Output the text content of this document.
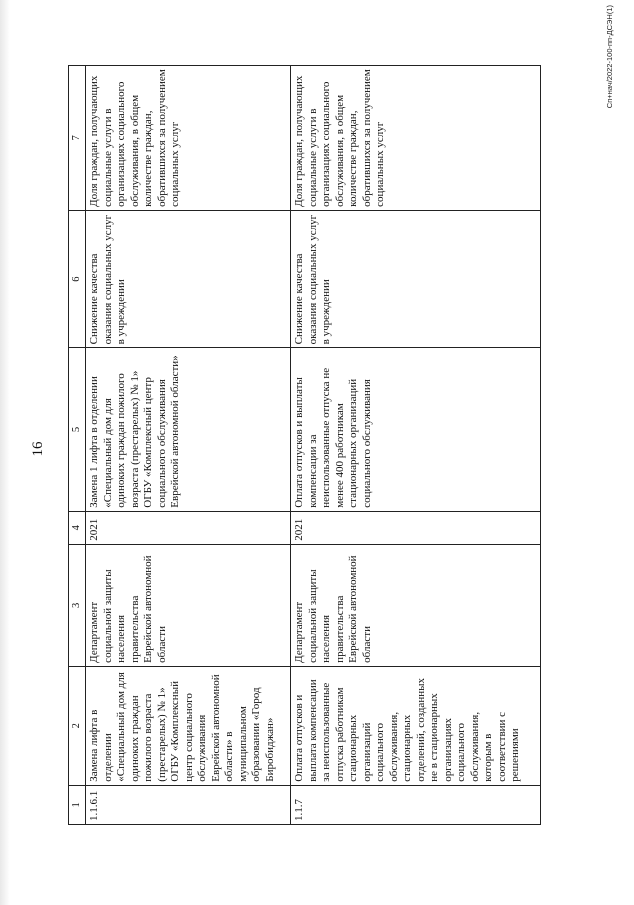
16
1	2	3	4	5	6	7
1.1.6.1	Замена лифта в отделении «Специальный дом для одиноких граждан пожилого возраста (престарелых) № 1» ОГБУ «Комплексный центр социального обслуживания Еврейской автономной области» в муниципальном образовании «Город Биробиджан»	Департамент социальной защиты населения правительства Еврейской автономной области	2021	Замена 1 лифта в отделении «Специальный дом для одиноких граждан пожилого возраста (престарелых) № 1» ОГБУ «Комплексный центр социального обслуживания Еврейской автономной области»	Снижение качества оказания социальных услуг в учреждении	Доля граждан, получающих социальные услуги в организациях социального обслуживания, в общем количестве граждан, обратившихся за получением социальных услуг
1.1.7	Оплата отпусков и выплата компенсации за неиспользованные отпуска работникам стационарных организаций социального обслуживания, стационарных отделений, созданных не в стационарных организациях социального обслуживания, которым в соответствии с решениями	Департамент социальной защиты населения правительства Еврейской автономной области	2021	Оплата отпусков и выплаты компенсации за неиспользованные отпуска не менее 400 работникам стационарных организаций социального обслуживания	Снижение качества оказания социальных услуг в учреждении	Доля граждан, получающих социальные услуги в организациях социального обслуживания, в общем количестве граждан, обратившихся за получением социальных услуг
Сп+нач/2022-100-пп-ДСЭН(1)
